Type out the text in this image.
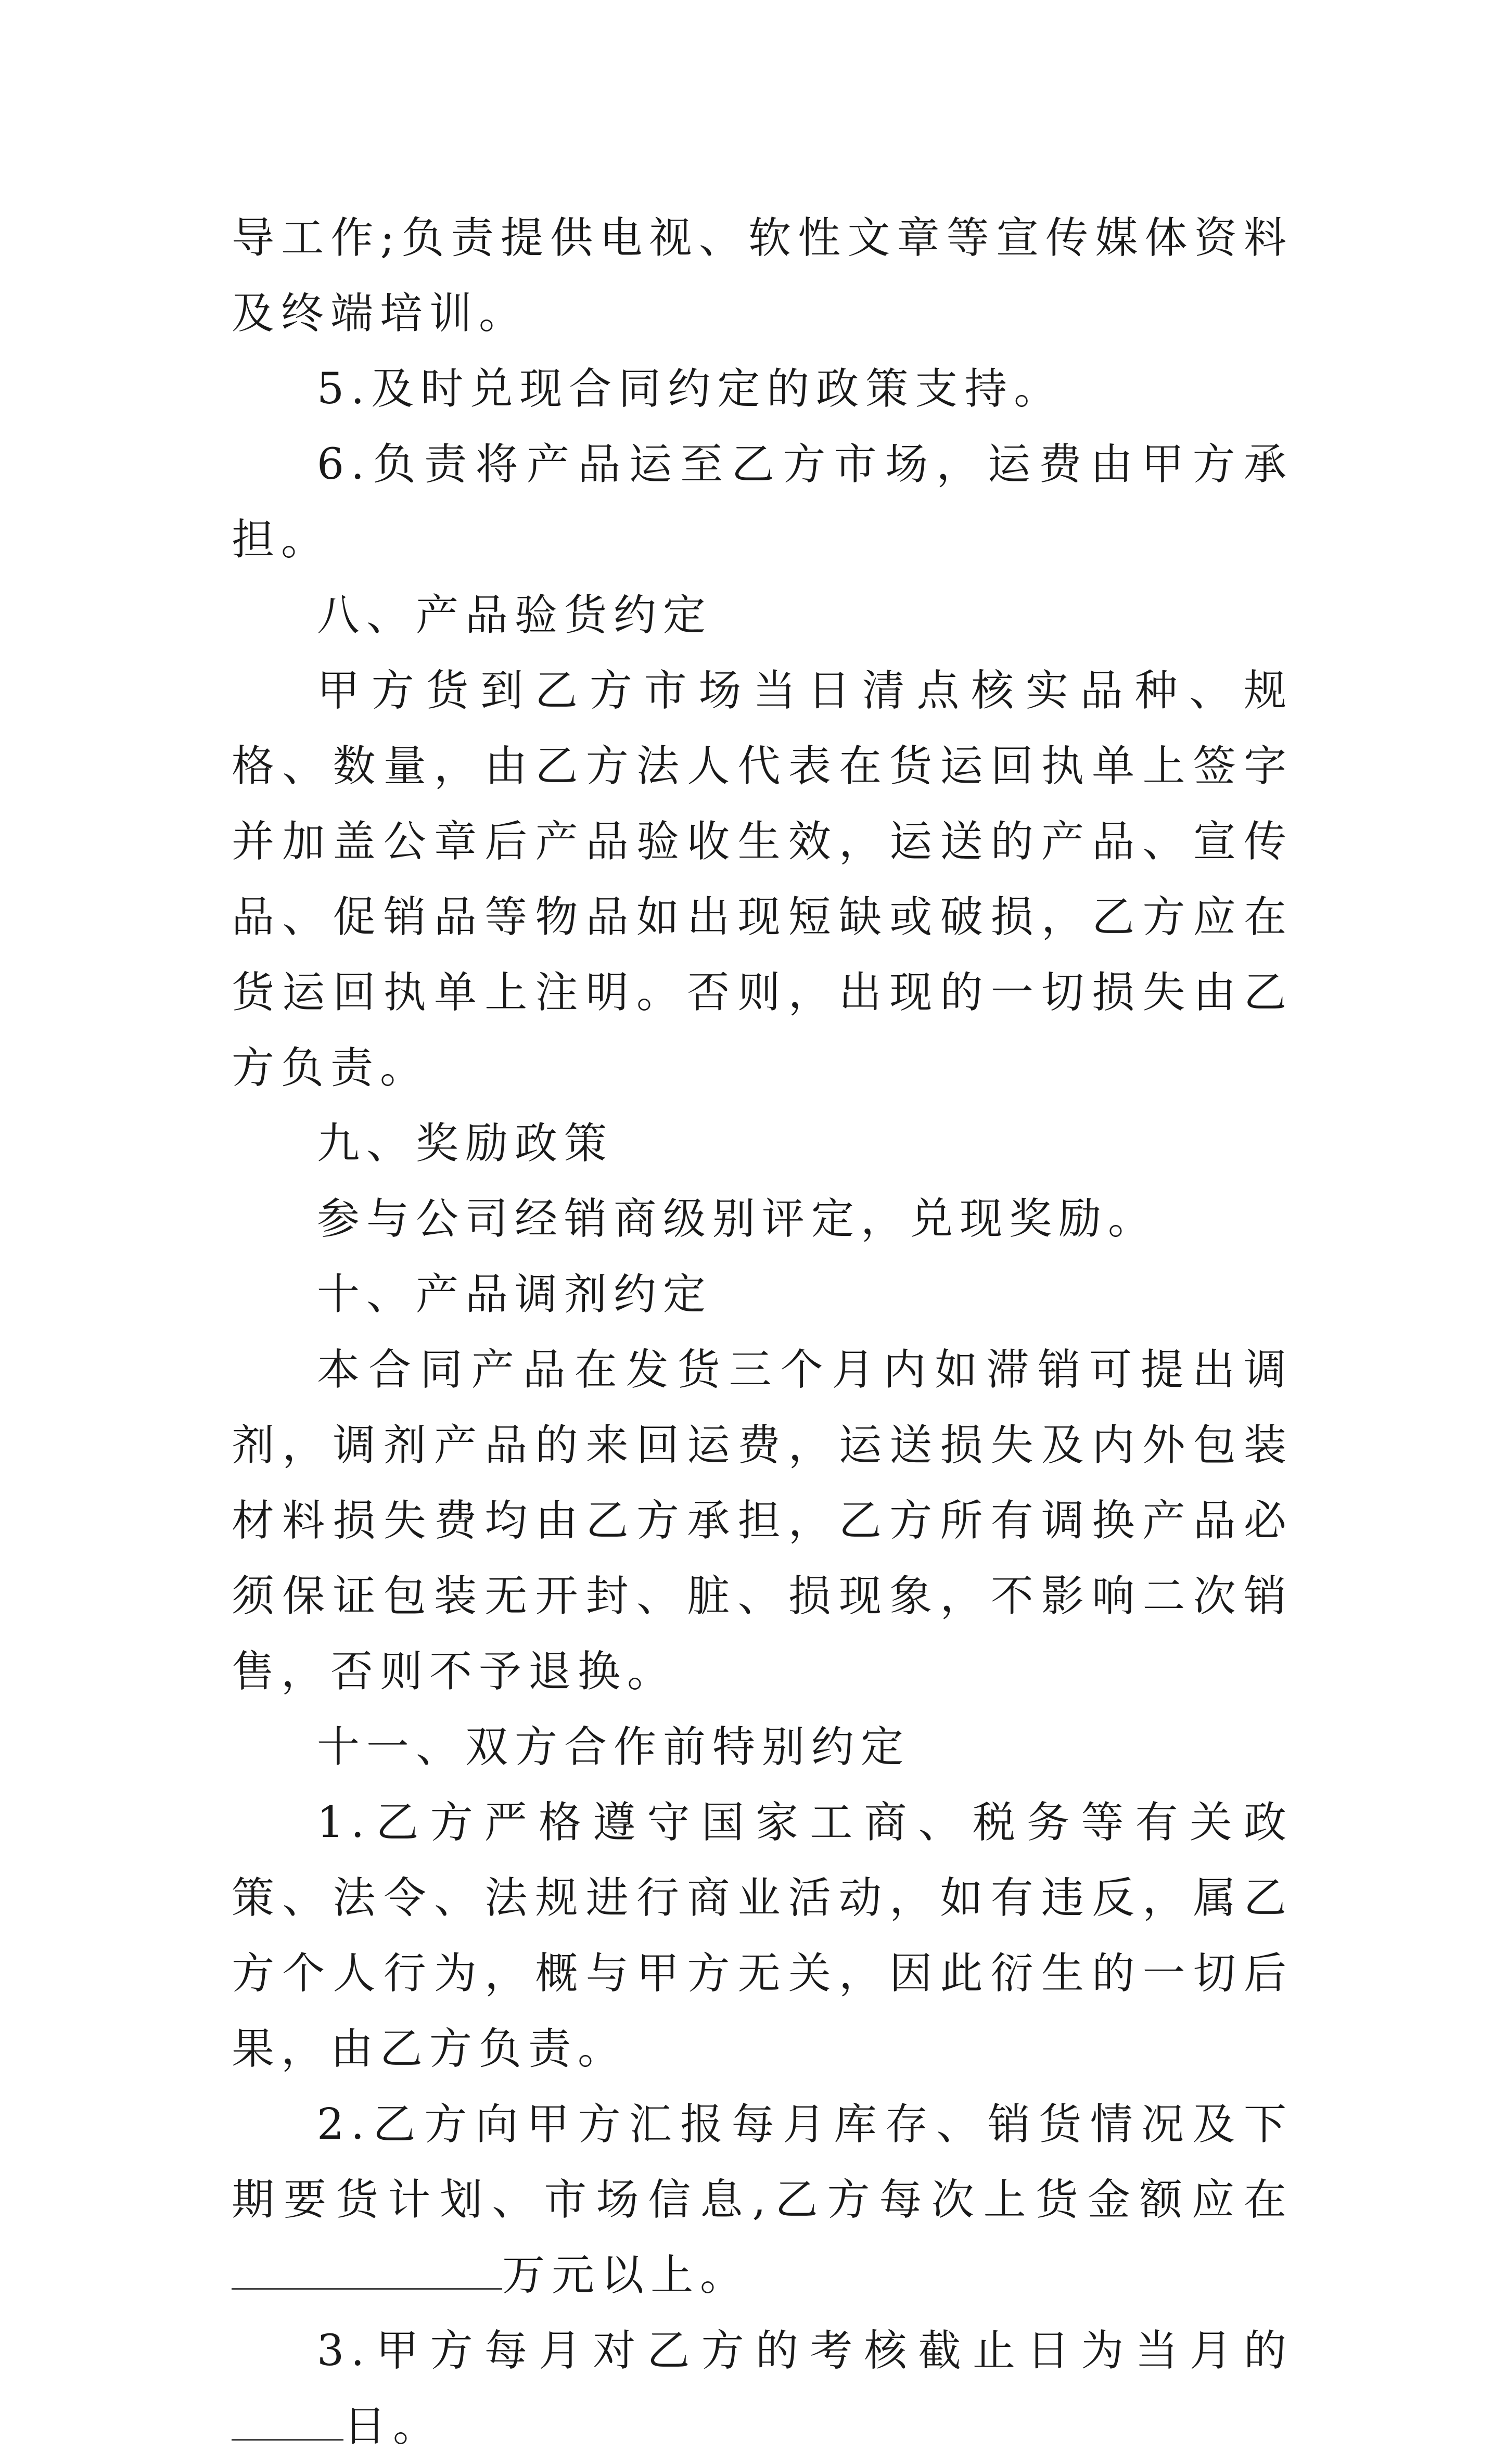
导工作;负责提供电视、软性文章等宣传媒体资料及终端培训。

5.及时兑现合同约定的政策支持。

6.负责将产品运至乙方市场，运费由甲方承担。

八、产品验货约定

甲方货到乙方市场当日清点核实品种、规格、数量，由乙方法人代表在货运回执单上签字并加盖公章后产品验收生效，运送的产品、宣传品、促销品等物品如出现短缺或破损，乙方应在货运回执单上注明。否则，出现的一切损失由乙方负责。

九、奖励政策

参与公司经销商级别评定，兑现奖励。

十、产品调剂约定

本合同产品在发货三个月内如滞销可提出调剂，调剂产品的来回运费，运送损失及内外包装材料损失费均由乙方承担，乙方所有调换产品必须保证包装无开封、脏、损现象，不影响二次销售，否则不予退换。

十一、双方合作前特别约定

1.乙方严格遵守国家工商、税务等有关政策、法令、法规进行商业活动，如有违反，属乙方个人行为，概与甲方无关，因此衍生的一切后果，由乙方负责。

2.乙方向甲方汇报每月库存、销货情况及下期要货计划、市场信息,乙方每次上货金额应在万元以上。

3.甲方每月对乙方的考核截止日为当月的日。
